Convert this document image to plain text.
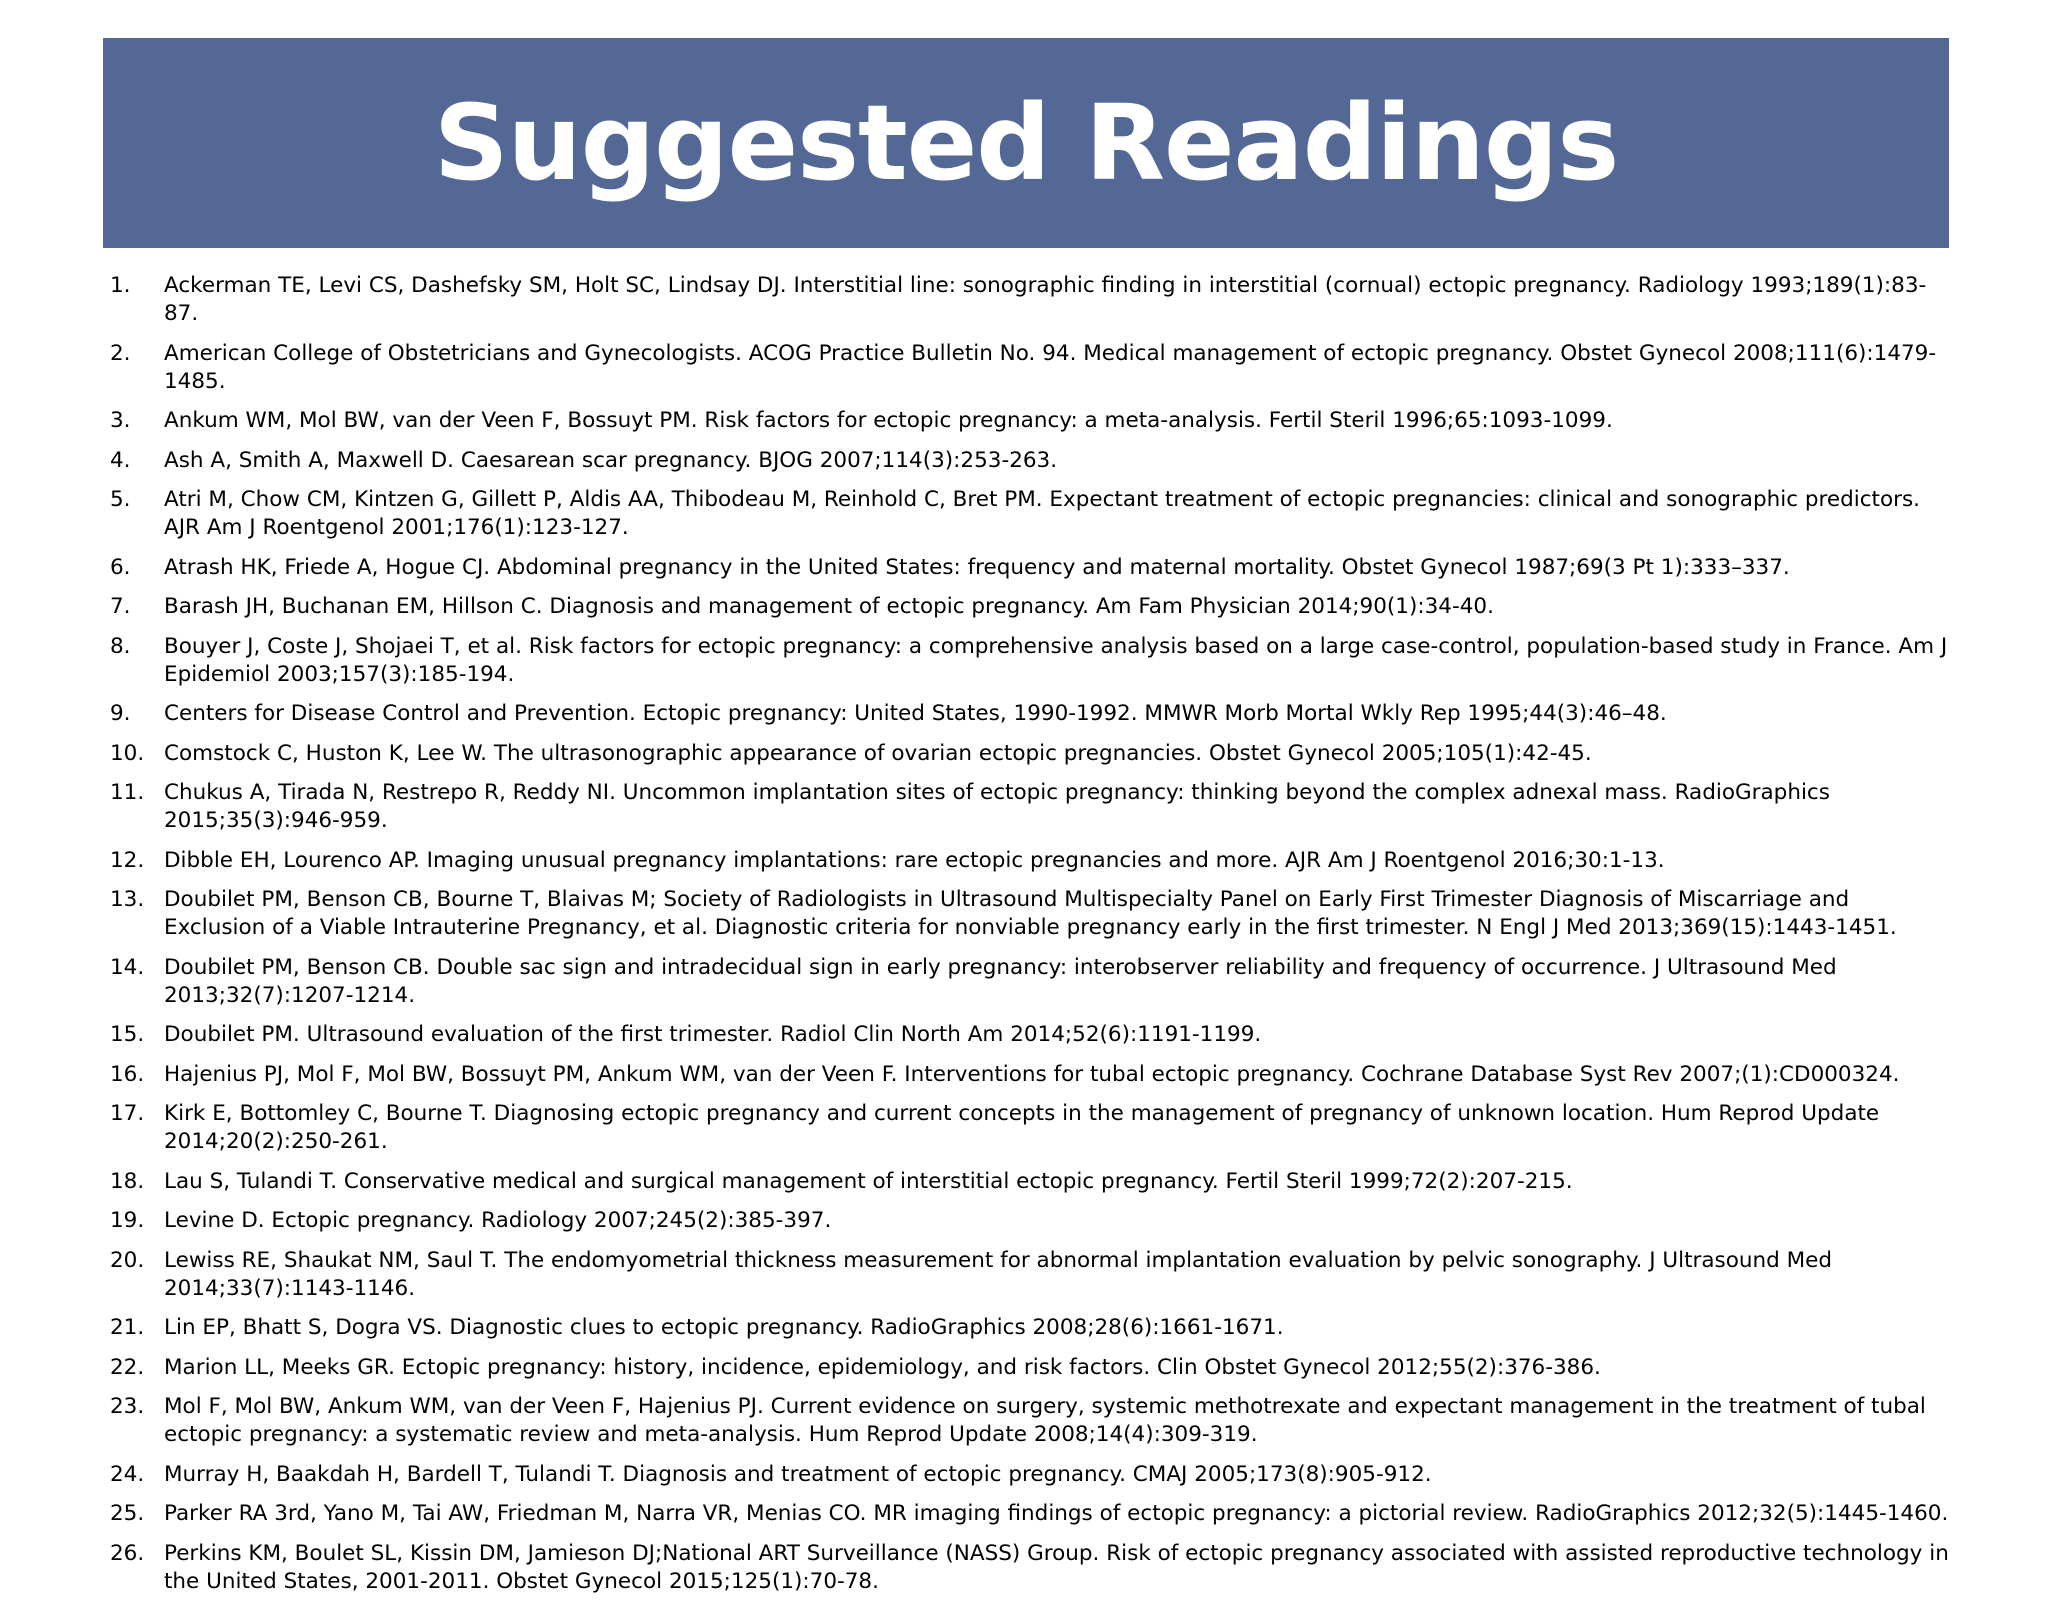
Suggested Readings
1.	Ackerman TE, Levi CS, Dashefsky SM, Holt SC, Lindsay DJ. Interstitial line: sonographic finding in interstitial (cornual) ectopic pregnancy. Radiology 1993;189(1):83-87.
2.	American College of Obstetricians and Gynecologists. ACOG Practice Bulletin No. 94. Medical management of ectopic pregnancy. Obstet Gynecol 2008;111(6):1479-1485.
3.	Ankum WM, Mol BW, van der Veen F, Bossuyt PM. Risk factors for ectopic pregnancy: a meta-analysis. Fertil Steril 1996;65:1093-1099.
4.	Ash A, Smith A, Maxwell D. Caesarean scar pregnancy. BJOG 2007;114(3):253-263.
5.	Atri M, Chow CM, Kintzen G, Gillett P, Aldis AA, Thibodeau M, Reinhold C, Bret PM. Expectant treatment of ectopic pregnancies: clinical and sonographic predictors. AJR Am J Roentgenol 2001;176(1):123-127.
6.	Atrash HK, Friede A, Hogue CJ. Abdominal pregnancy in the United States: frequency and maternal mortality. Obstet Gynecol 1987;69(3 Pt 1):333–337.
7.	Barash JH, Buchanan EM, Hillson C. Diagnosis and management of ectopic pregnancy. Am Fam Physician 2014;90(1):34-40.
8.	Bouyer J, Coste J, Shojaei T, et al. Risk factors for ectopic pregnancy: a comprehensive analysis based on a large case-control, population-based study in France. Am J Epidemiol 2003;157(3):185-194.
9.	Centers for Disease Control and Prevention. Ectopic pregnancy: United States, 1990-1992. MMWR Morb Mortal Wkly Rep 1995;44(3):46–48.
10. Comstock C, Huston K, Lee W. The ultrasonographic appearance of ovarian ectopic pregnancies. Obstet Gynecol 2005;105(1):42-45.
11. Chukus A, Tirada N, Restrepo R, Reddy NI. Uncommon implantation sites of ectopic pregnancy: thinking beyond the complex adnexal mass. RadioGraphics 2015;35(3):946-959.
12. Dibble EH, Lourenco AP. Imaging unusual pregnancy implantations: rare ectopic pregnancies and more. AJR Am J Roentgenol 2016;30:1-13.
13. Doubilet PM, Benson CB, Bourne T, Blaivas M; Society of Radiologists in Ultrasound Multispecialty Panel on Early First Trimester Diagnosis of Miscarriage and Exclusion of a Viable Intrauterine Pregnancy, et al. Diagnostic criteria for nonviable pregnancy early in the first trimester. N Engl J Med 2013;369(15):1443-1451.
14. Doubilet PM, Benson CB. Double sac sign and intradecidual sign in early pregnancy: interobserver reliability and frequency of occurrence. J Ultrasound Med 2013;32(7):1207-1214.
15. Doubilet PM. Ultrasound evaluation of the first trimester. Radiol Clin North Am 2014;52(6):1191-1199.
16. Hajenius PJ, Mol F, Mol BW, Bossuyt PM, Ankum WM, van der Veen F. Interventions for tubal ectopic pregnancy. Cochrane Database Syst Rev 2007;(1):CD000324.
17. Kirk E, Bottomley C, Bourne T. Diagnosing ectopic pregnancy and current concepts in the management of pregnancy of unknown location. Hum Reprod Update 2014;20(2):250-261.
18. Lau S, Tulandi T. Conservative medical and surgical management of interstitial ectopic pregnancy. Fertil Steril 1999;72(2):207-215.
19. Levine D. Ectopic pregnancy. Radiology 2007;245(2):385-397.
20. Lewiss RE, Shaukat NM, Saul T. The endomyometrial thickness measurement for abnormal implantation evaluation by pelvic sonography. J Ultrasound Med 2014;33(7):1143-1146.
21. Lin EP, Bhatt S, Dogra VS. Diagnostic clues to ectopic pregnancy. RadioGraphics 2008;28(6):1661-1671.
22. Marion LL, Meeks GR. Ectopic pregnancy: history, incidence, epidemiology, and risk factors. Clin Obstet Gynecol 2012;55(2):376-386.
23. Mol F, Mol BW, Ankum WM, van der Veen F, Hajenius PJ. Current evidence on surgery, systemic methotrexate and expectant management in the treatment of tubal ectopic pregnancy: a systematic review and meta-analysis. Hum Reprod Update 2008;14(4):309-319.
24. Murray H, Baakdah H, Bardell T, Tulandi T. Diagnosis and treatment of ectopic pregnancy. CMAJ 2005;173(8):905-912.
25. Parker RA 3rd, Yano M, Tai AW, Friedman M, Narra VR, Menias CO. MR imaging findings of ectopic pregnancy: a pictorial review. RadioGraphics 2012;32(5):1445-1460.
26. Perkins KM, Boulet SL, Kissin DM, Jamieson DJ;National ART Surveillance (NASS) Group. Risk of ectopic pregnancy associated with assisted reproductive technology in the United States, 2001-2011. Obstet Gynecol 2015;125(1):70-78.
